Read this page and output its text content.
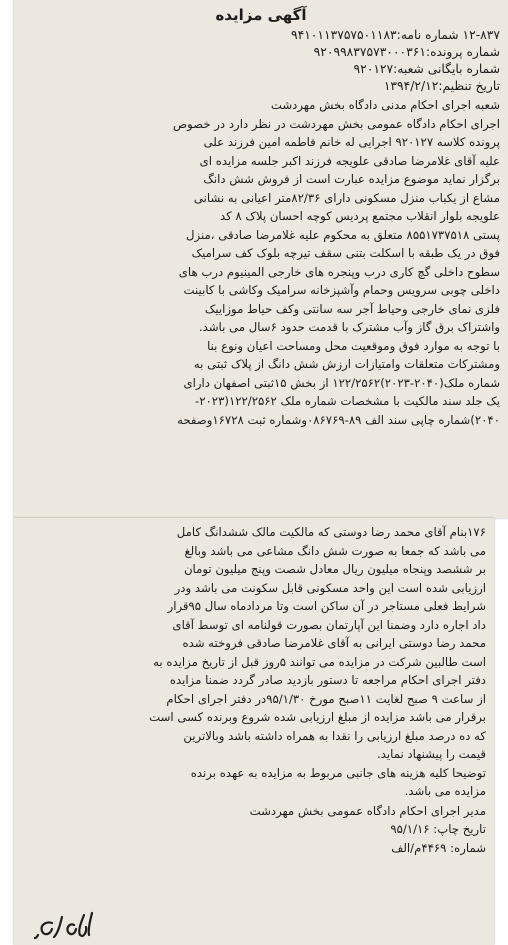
آگهی مزایده
۱۲-۸۳۷ شماره نامه:۹۴۱۰۱۱۳۷۵۷۵۰۱۱۸۳
شماره پرونده:۹۲۰۹۹۸۳۷۵۷۳۰۰۰۳۶۱
شماره بایگانی شعبه:۹۲۰۱۲۷
تاریخ تنظیم:۱۳۹۴/۲/۱۲
شعبه اجرای احکام مدنی دادگاه بخش مهردشت
اجرای احکام دادگاه عمومی بخش مهردشت در نظر دارد در خصوص
پرونده کلاسه ۹۲۰۱۲۷ اجرایی له خانم فاطمه امین فرزند علی
علیه آقای غلامرضا صادقی علویجه فرزند اکبر جلسه مزایده ای
برگزار نماید موضوع مزایده عبارت است از فروش شش دانگ
مشاع از یکباب منزل مسکونی دارای ۸۲/۳۶متر اعیانی به نشانی
علویجه بلوار انقلاب مجتمع پردیس کوچه احسان پلاک ۸ کد
پستی ۸۵۵۱۷۳۷۵۱۸ متعلق به محکوم علیه غلامرضا صادقی ،منزل
فوق در یک طبقه با اسکلت بتنی سقف تیرچه بلوک کف سرامیک
سطوح داخلی گچ کاری درب وپنجره های خارجی المینیوم درب های
داخلی چوبی سرویس وحمام وآشپزخانه سرامیک وکاشی با کابینت
فلزی نمای خارجی وحیاط آجر سه سانتی وکف حیاط موزاییک
واشتراک برق گاز وآب مشترک با قدمت حدود ۶سال می باشد.
با توجه به موارد فوق وموقعیت محل ومساحت اعیان ونوع بنا
ومشترکات متعلقات وامتیازات ارزش شش دانگ از پلاک ثبتی به
شماره ملک(۲۰۴۰-۲۰۲۳)۱۲۲/۲۵۶۲ از بخش ۱۵ثبتی اصفهان دارای
یک جلد سند مالکیت با مشخصات شماره ملک ۱۲۲/۲۵۶۲(۲۰۲۳-
۲۰۴۰)شماره چاپی سند الف ۸۹-۰۸۶۷۶۹وشماره ثبت ۱۶۷۲۸وصفحه
۱۷۶بنام آقای محمد رضا دوستی که مالکیت مالک ششدانگ کامل
می باشد که جمعا به صورت شش دانگ مشاعی می باشد وبالغ
بر ششصد وپنجاه میلیون ریال معادل شصت وپنج میلیون تومان
ارزیابی شده است این واحد مسکونی قابل سکونت می باشد ودر
شرایط فعلی مستاجر در آن ساکن است وتا مردادماه سال ۹۵قرار
داد اجاره دارد وضمنا این آپارتمان بصورت قولنامه ای توسط آقای
محمد رضا دوستی ایرانی به آقای غلامرضا صادقی فروخته شده
است طالبین شرکت در مزایده می توانند ۵روز قبل از تاریخ مزایده به
دفتر اجرای احکام مراجعه تا دستور بازدید صادر گردد ضمنا مزایده
از ساعت ۹ صبح لغایت ۱۱صبح مورخ ۹۵/۱/۳۰در دفتر اجرای احکام
برقرار می باشد مزایده از مبلغ ارزیابی شده شروع وبرنده کسی است
که ده درصد مبلغ ارزیابی را نقدا به همراه داشته باشد وبالاترین
قیمت را پیشنهاد نماید.
توضیحا کلیه هزینه های جانبی مربوط به مزایده به عهده برنده
مزایده می باشد.
مدیر اجرای احکام دادگاه عمومی بخش مهردشت
تاریخ چاپ: ۹۵/۱/۱۶
شماره: ۴۴۶۹م/الف
